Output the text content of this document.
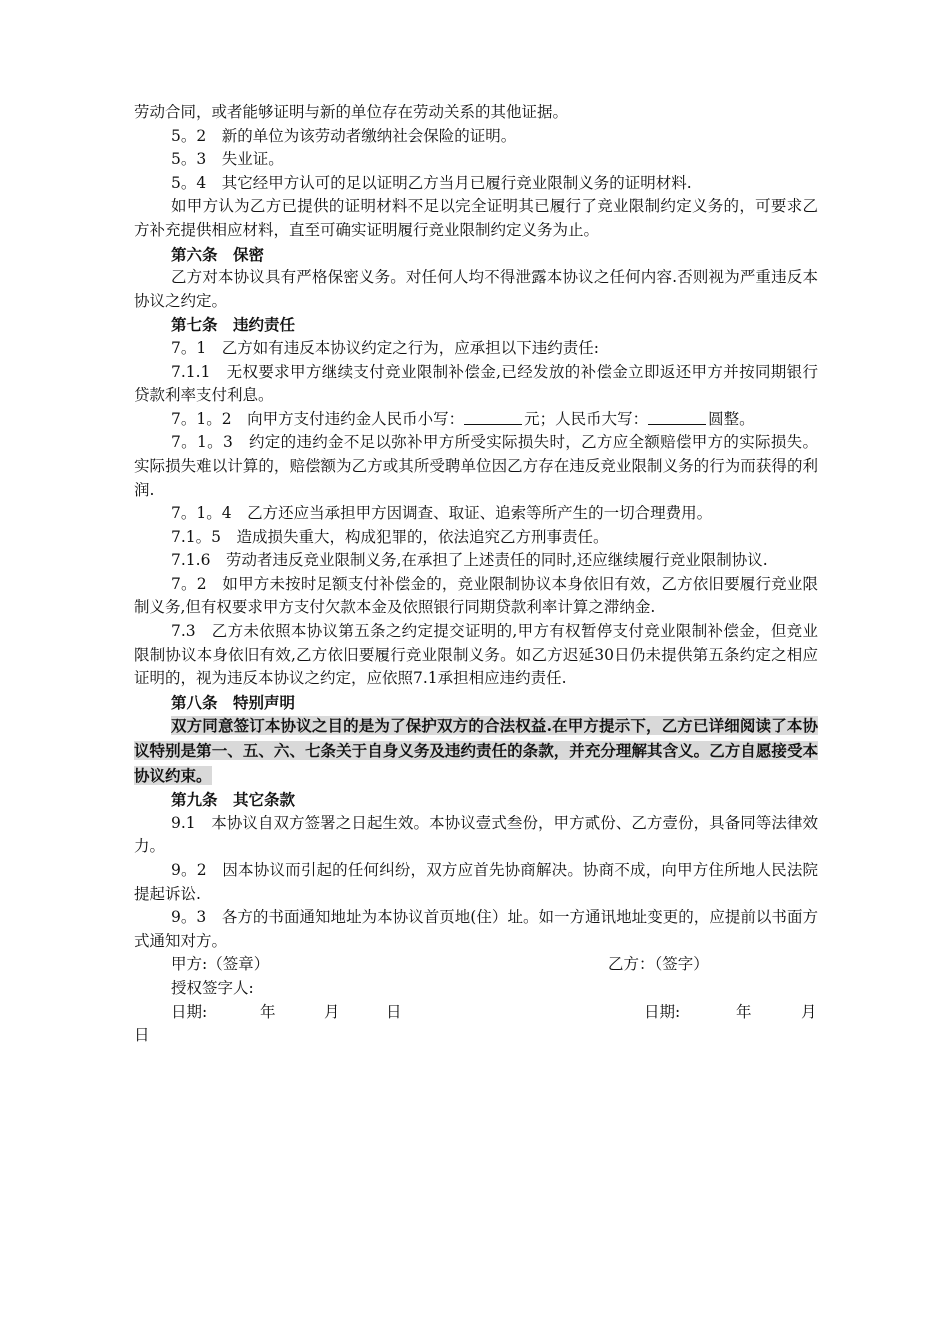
劳动合同，或者能够证明与新的单位存在劳动关系的其他证据。

5。2　新的单位为该劳动者缴纳社会保险的证明。

5。3　失业证。

5。4　其它经甲方认可的足以证明乙方当月已履行竞业限制义务的证明材料.

如甲方认为乙方已提供的证明材料不足以完全证明其已履行了竞业限制约定义务的，可要求乙方补充提供相应材料，直至可确实证明履行竞业限制约定义务为止。

第六条　保密

乙方对本协议具有严格保密义务。对任何人均不得泄露本协议之任何内容.否则视为严重违反本协议之约定。

第七条　违约责任

7。1　乙方如有违反本协议约定之行为，应承担以下违约责任:

7.1.1　无权要求甲方继续支付竞业限制补偿金,已经发放的补偿金立即返还甲方并按同期银行贷款利率支付利息。

7。1。2　向甲方支付违约金人民币小写：	元；人民币大写：	圆整。

7。1。3　约定的违约金不足以弥补甲方所受实际损失时，乙方应全额赔偿甲方的实际损失。实际损失难以计算的，赔偿额为乙方或其所受聘单位因乙方存在违反竞业限制义务的行为而获得的利润.

7。1。4　乙方还应当承担甲方因调查、取证、追索等所产生的一切合理费用。

7.1。5　造成损失重大，构成犯罪的，依法追究乙方刑事责任。

7.1.6　劳动者违反竞业限制义务,在承担了上述责任的同时,还应继续履行竞业限制协议.

7。2　如甲方未按时足额支付补偿金的，竞业限制协议本身依旧有效，乙方依旧要履行竞业限制义务,但有权要求甲方支付欠款本金及依照银行同期贷款利率计算之滞纳金.

7.3　乙方未依照本协议第五条之约定提交证明的,甲方有权暂停支付竞业限制补偿金，但竞业限制协议本身依旧有效,乙方依旧要履行竞业限制义务。如乙方迟延30日仍未提供第五条约定之相应证明的，视为违反本协议之约定，应依照7.1承担相应违约责任.

第八条　特别声明

双方同意签订本协议之目的是为了保护双方的合法权益.在甲方提示下，乙方已详细阅读了本协议特别是第一、五、六、七条关于自身义务及违约责任的条款，并充分理解其含义。乙方自愿接受本协议约束。

第九条　其它条款

9.1　本协议自双方签署之日起生效。本协议壹式叁份，甲方贰份、乙方壹份，具备同等法律效力。

9。2　因本协议而引起的任何纠纷，双方应首先协商解决。协商不成，向甲方住所地人民法院提起诉讼.

9。3　各方的书面通知地址为本协议首页地(住）址。如一方通讯地址变更的，应提前以书面方式通知对方。

甲方:（签章）	乙方：（签字）
授权签字人:
日期:	年	月	日	日期:	年	月
日
